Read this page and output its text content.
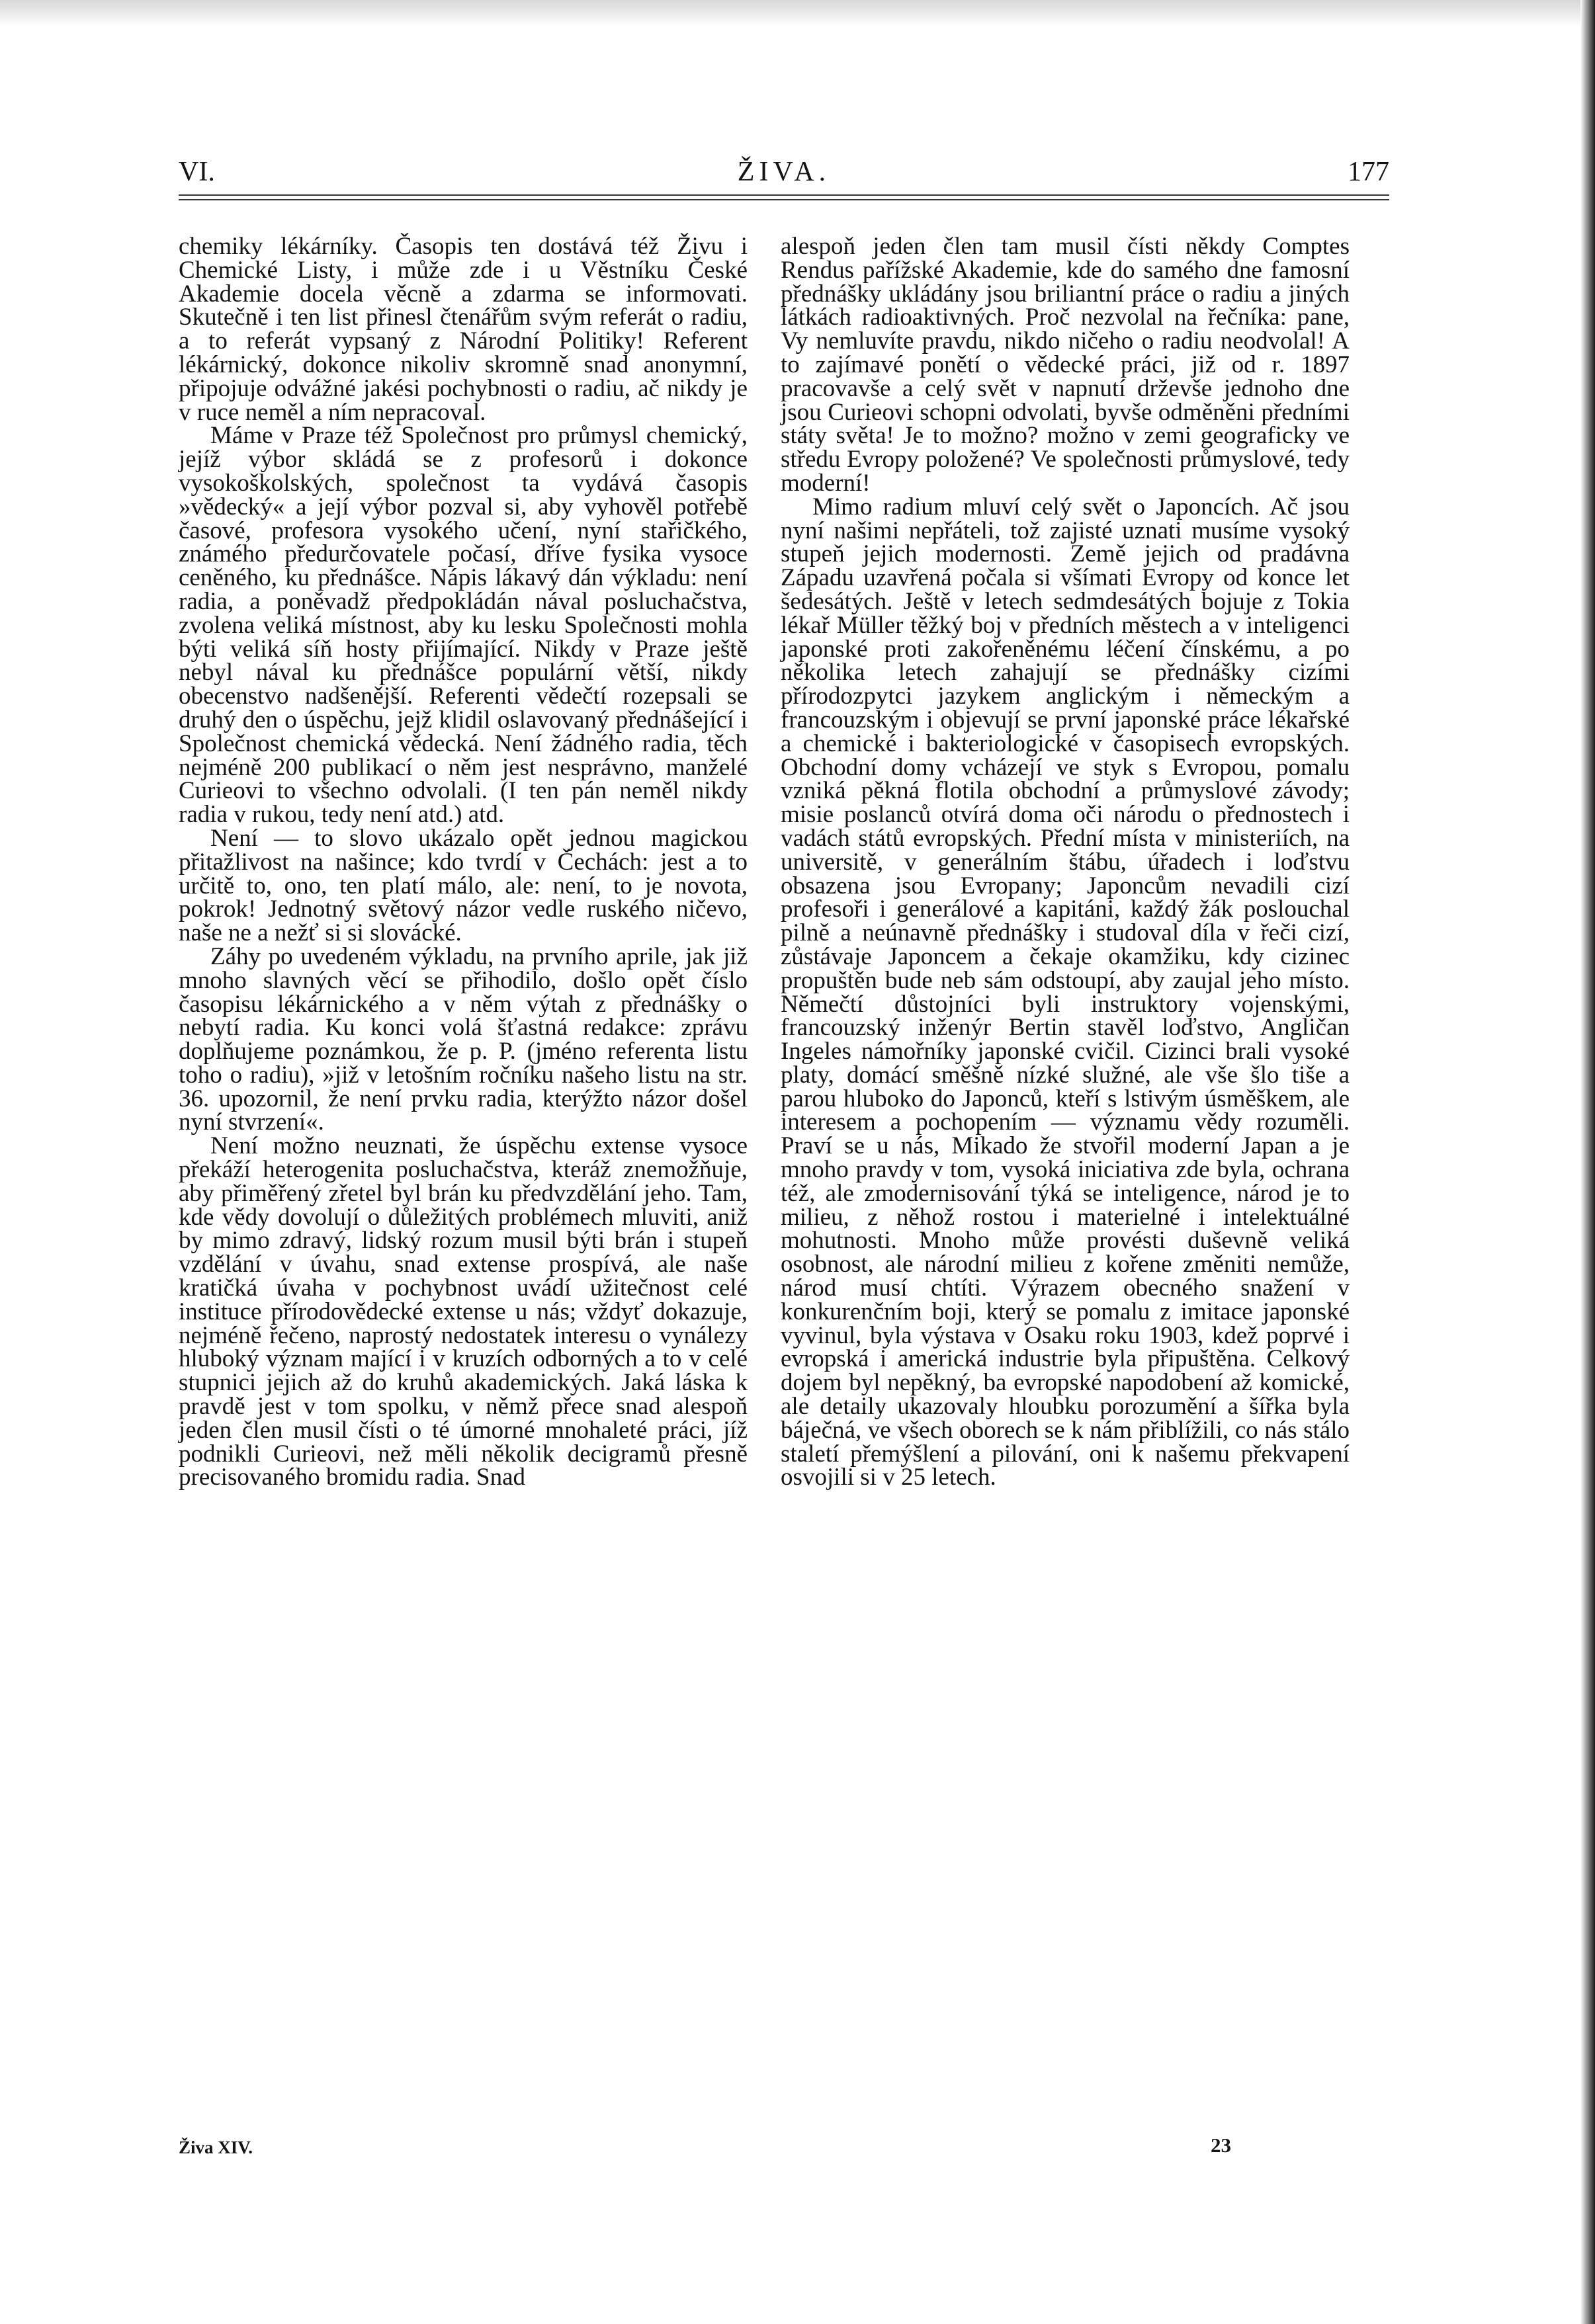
ŽIVA.
VI.	177

chemiky lékárníky. Časopis ten dostává též Živu i Chemické Listy, i může zde i u Věstníku České Akademie docela věcně a zdarma se informovati. Skutečně i ten list přinesl čtenářům svým referát o radiu, a to referát vypsaný z Národní Politiky! Referent lékárnický, dokonce nikoliv skromně snad anonymní, připojuje odvážné jakési pochybnosti o radiu, ač nikdy je v ruce neměl a ním nepracoval.

Máme v Praze též Společnost pro průmysl chemický, jejíž výbor skládá se z profesorů i dokonce vysokoškolských, společnost ta vydává časopis »vědecký« a její výbor pozval si, aby vyhověl potřebě časové, profesora vysokého učení, nyní stařičkého, známého předurčovatele počasí, dříve fysika vysoce ceněného, ku přednášce. Nápis lákavý dán výkladu: není radia, a poněvadž předpokládán nával posluchačstva, zvolena veliká místnost, aby ku lesku Společnosti mohla býti veliká síň hosty přijímající. Nikdy v Praze ještě nebyl nával ku přednášce populární větší, nikdy obecenstvo nadšenější. Referenti vědečtí rozepsali se druhý den o úspěchu, jejž klidil oslavovaný přednášející i Společnost chemická vědecká. Není žádného radia, těch nejméně 200 publikací o něm jest nesprávno, manželé Curieovi to všechno odvolali. (I ten pán neměl nikdy radia v rukou, tedy není atd.) atd.

Není — to slovo ukázalo opět jednou magickou přitažlivost na našince; kdo tvrdí v Čechách: jest a to určitě to, ono, ten platí málo, ale: není, to je novota, pokrok! Jednotný světový názor vedle ruského ničevo, naše ne a nežť si si slovácké.

Záhy po uvedeném výkladu, na prvního aprile, jak již mnoho slavných věcí se přihodilo, došlo opět číslo časopisu lékárnického a v něm výtah z přednášky o nebytí radia. Ku konci volá šťastná redakce: zprávu doplňujeme poznámkou, že p. P. (jméno referenta listu toho o radiu), »již v letošním ročníku našeho listu na str. 36. upozornil, že není prvku radia, kterýžto názor došel nyní stvrzení«.

Není možno neuznati, že úspěchu extense vysoce překáží heterogenita posluchačstva, kteráž znemožňuje, aby přiměřený zřetel byl brán ku předvzdělání jeho. Tam, kde vědy dovolují o důležitých problémech mluviti, aniž by mimo zdravý, lidský rozum musil býti brán i stupeň vzdělání v úvahu, snad extense prospívá, ale naše kratičká úvaha v pochybnost uvádí užitečnost celé instituce přírodovědecké extense u nás; vždyť dokazuje, nejméně řečeno, naprostý nedostatek interesu o vynálezy hluboký význam mající i v kruzích odborných a to v celé stupnici jejich až do kruhů akademických. Jaká láska k pravdě jest v tom spolku, v němž přece snad alespoň jeden člen musil čísti o té úmorné mnohaleté práci, jíž podnikli Curieovi, než měli několik decigramů přesně precisovaného bromidu radia. Snad

alespoň jeden člen tam musil čísti někdy Comptes Rendus pařížské Akademie, kde do samého dne famosní přednášky ukládány jsou briliantní práce o radiu a jiných látkách radioaktivných. Proč nezvolal na řečníka: pane, Vy nemluvíte pravdu, nikdo ničeho o radiu neodvolal! A to zajímavé ponětí o vědecké práci, již od r. 1897 pracovavše a celý svět v napnutí drževše jednoho dne jsou Curieovi schopni odvolati, byvše odměněni předními státy světa! Je to možno? možno v zemi geograficky ve středu Evropy položené? Ve společnosti průmyslové, tedy moderní!

Mimo radium mluví celý svět o Japoncích. Ač jsou nyní našimi nepřáteli, tož zajisté uznati musíme vysoký stupeň jejich modernosti. Země jejich od pradávna Západu uzavřená počala si všímati Evropy od konce let šedesátých. Ještě v letech sedmdesátých bojuje z Tokia lékař Müller těžký boj v předních městech a v inteligenci japonské proti zakořeněnému léčení čínskému, a po několika letech zahajují se přednášky cizími přírodozpytci jazykem anglickým i německým a francouzským i objevují se první japonské práce lékařské a chemické i bakteriologické v časopisech evropských. Obchodní domy vcházejí ve styk s Evropou, pomalu vzniká pěkná flotila obchodní a průmyslové závody; misie poslanců otvírá doma oči národu o přednostech i vadách států evropských. Přední místa v ministeriích, na universitě, v generálním štábu, úřadech i loďstvu obsazena jsou Evropany; Japoncům nevadili cizí profesoři i generálové a kapitáni, každý žák poslouchal pilně a neúnavně přednášky i studoval díla v řeči cizí, zůstávaje Japoncem a čekaje okamžiku, kdy cizinec propuštěn bude neb sám odstoupí, aby zaujal jeho místo. Němečtí důstojníci byli instruktory vojenskými, francouzský inženýr Bertin stavěl loďstvo, Angličan Ingeles námořníky japonské cvičil. Cizinci brali vysoké platy, domácí směšně nízké služné, ale vše šlo tiše a parou hluboko do Japonců, kteří s lstivým úsměškem, ale interesem a pochopením — významu vědy rozuměli. Praví se u nás, Mikado že stvořil moderní Japan a je mnoho pravdy v tom, vysoká iniciativa zde byla, ochrana též, ale zmodernisování týká se inteligence, národ je to milieu, z něhož rostou i materielné i intelektuálné mohutnosti. Mnoho může provésti duševně veliká osobnost, ale národní milieu z kořene změniti nemůže, národ musí chtíti. Výrazem obecného snažení v konkurenčním boji, který se pomalu z imitace japonské vyvinul, byla výstava v Osaku roku 1903, kdež poprvé i evropská i americká industrie byla připuštěna. Celkový dojem byl nepěkný, ba evropské napodobení až komické, ale detaily ukazovaly hloubku porozumění a šířka byla báječná, ve všech oborech se k nám přiblížili, co nás stálo staletí přemýšlení a pilování, oni k našemu překvapení osvojili si v 25 letech.

Živa XIV.	23
